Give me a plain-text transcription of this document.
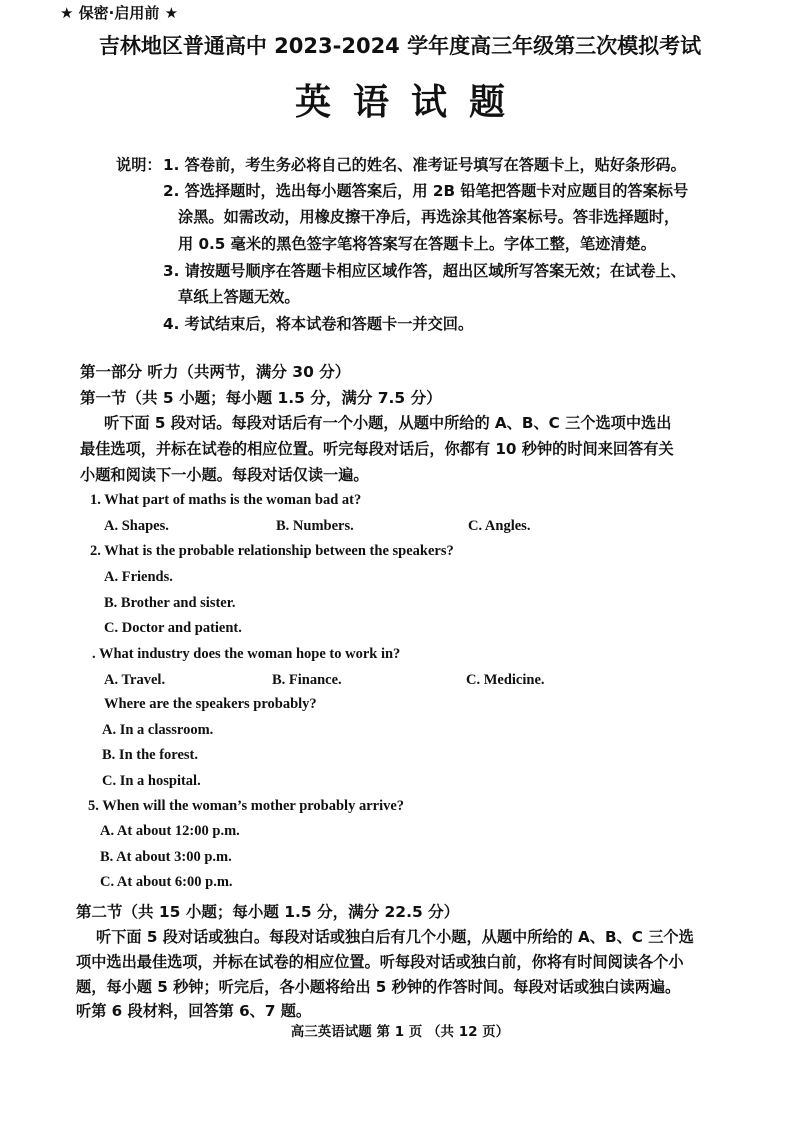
★ 保密·启用前 ★
吉林地区普通高中 2023-2024 学年度高三年级第三次模拟考试
英语试题
说明： 1. 答卷前，考生务必将自己的姓名、准考证号填写在答题卡上，贴好条形码。
2. 答选择题时，选出每小题答案后，用 2B 铅笔把答题卡对应题目的答案标号
涂黑。如需改动，用橡皮擦干净后，再选涂其他答案标号。答非选择题时，
用 0.5 毫米的黑色签字笔将答案写在答题卡上。字体工整，笔迹清楚。
3. 请按题号顺序在答题卡相应区域作答，超出区域所写答案无效；在试卷上、
草纸上答题无效。
4. 考试结束后，将本试卷和答题卡一并交回。
第一部分 听力（共两节，满分 30 分）
第一节（共 5 小题；每小题 1.5 分，满分 7.5 分）
听下面 5 段对话。每段对话后有一个小题，从题中所给的 A、B、C 三个选项中选出
最佳选项，并标在试卷的相应位置。听完每段对话后，你都有 10 秒钟的时间来回答有关
小题和阅读下一小题。每段对话仅读一遍。
1. What part of maths is the woman bad at?
A. Shapes.	B. Numbers.	C. Angles.
2. What is the probable relationship between the speakers?
A. Friends.
B. Brother and sister.
C. Doctor and patient.
. What industry does the woman hope to work in?
A. Travel.	B. Finance.	C. Medicine.
Where are the speakers probably?
A. In a classroom.
B. In the forest.
C. In a hospital.
5. When will the woman’s mother probably arrive?
A. At about 12:00 p.m.
B. At about 3:00 p.m.
C. At about 6:00 p.m.
第二节（共 15 小题；每小题 1.5 分，满分 22.5 分）
听下面 5 段对话或独白。每段对话或独白后有几个小题，从题中所给的 A、B、C 三个选
项中选出最佳选项，并标在试卷的相应位置。听每段对话或独白前，你将有时间阅读各个小
题，每小题 5 秒钟；听完后，各小题将给出 5 秒钟的作答时间。每段对话或独白读两遍。
听第 6 段材料，回答第 6、7 题。
高三英语试题 第 1 页 （共 12 页）
